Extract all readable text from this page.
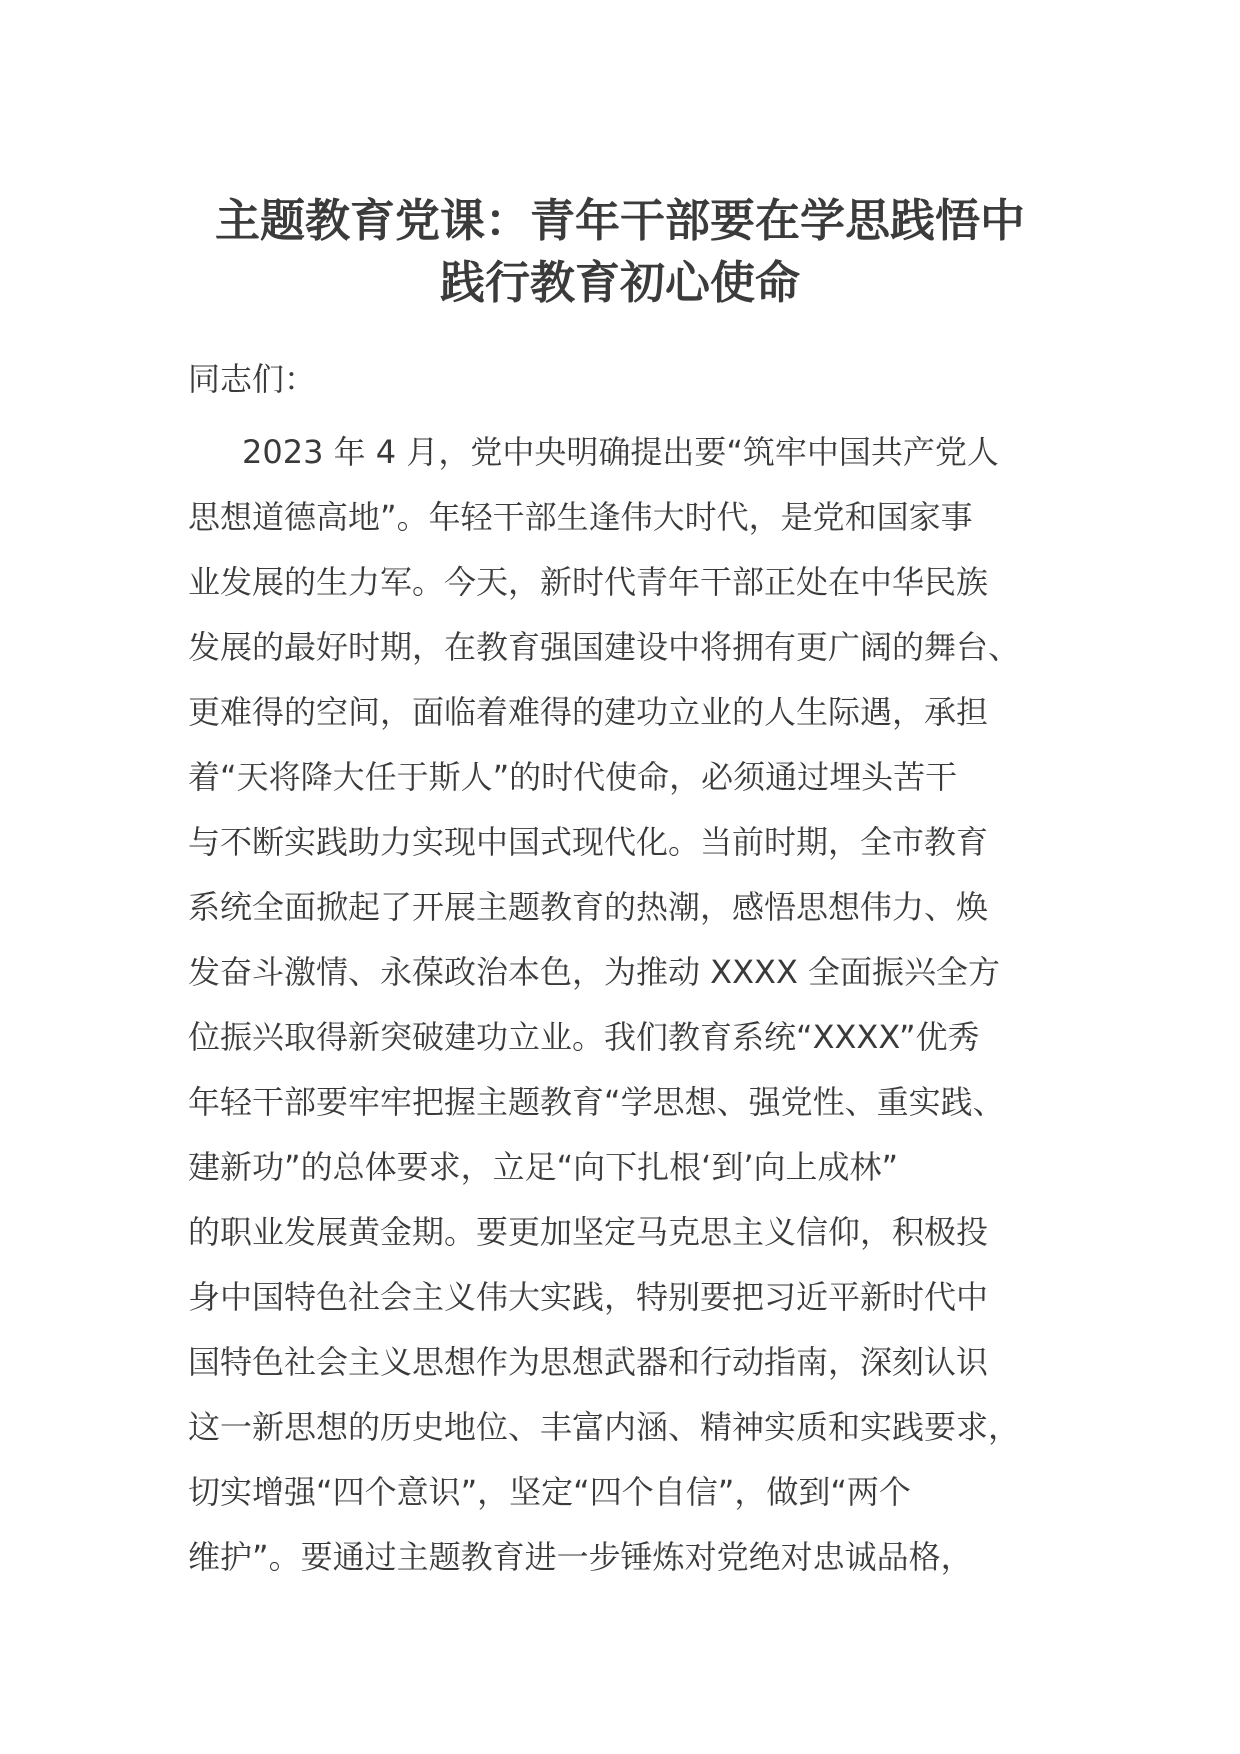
主题教育党课：青年干部要在学思践悟中
践行教育初心使命
同志们：
2023 年 4 月，党中央明确提出要“筑牢中国共产党人
思想道德高地”。年轻干部生逢伟大时代，是党和国家事
业发展的生力军。今天，新时代青年干部正处在中华民族
发展的最好时期，在教育强国建设中将拥有更广阔的舞台、
更难得的空间，面临着难得的建功立业的人生际遇，承担
着“天将降大任于斯人”的时代使命，必须通过埋头苦干
与不断实践助力实现中国式现代化。当前时期，全市教育
系统全面掀起了开展主题教育的热潮，感悟思想伟力、焕
发奋斗激情、永葆政治本色，为推动 XXXX 全面振兴全方
位振兴取得新突破建功立业。我们教育系统“XXXX”优秀
年轻干部要牢牢把握主题教育“学思想、强党性、重实践、
建新功”的总体要求，立足“向下扎根‘到’向上成林”
的职业发展黄金期。要更加坚定马克思主义信仰，积极投
身中国特色社会主义伟大实践，特别要把习近平新时代中
国特色社会主义思想作为思想武器和行动指南，深刻认识
这一新思想的历史地位、丰富内涵、精神实质和实践要求，
切实增强“四个意识”，坚定“四个自信”，做到“两个
维护”。要通过主题教育进一步锤炼对党绝对忠诚品格，
